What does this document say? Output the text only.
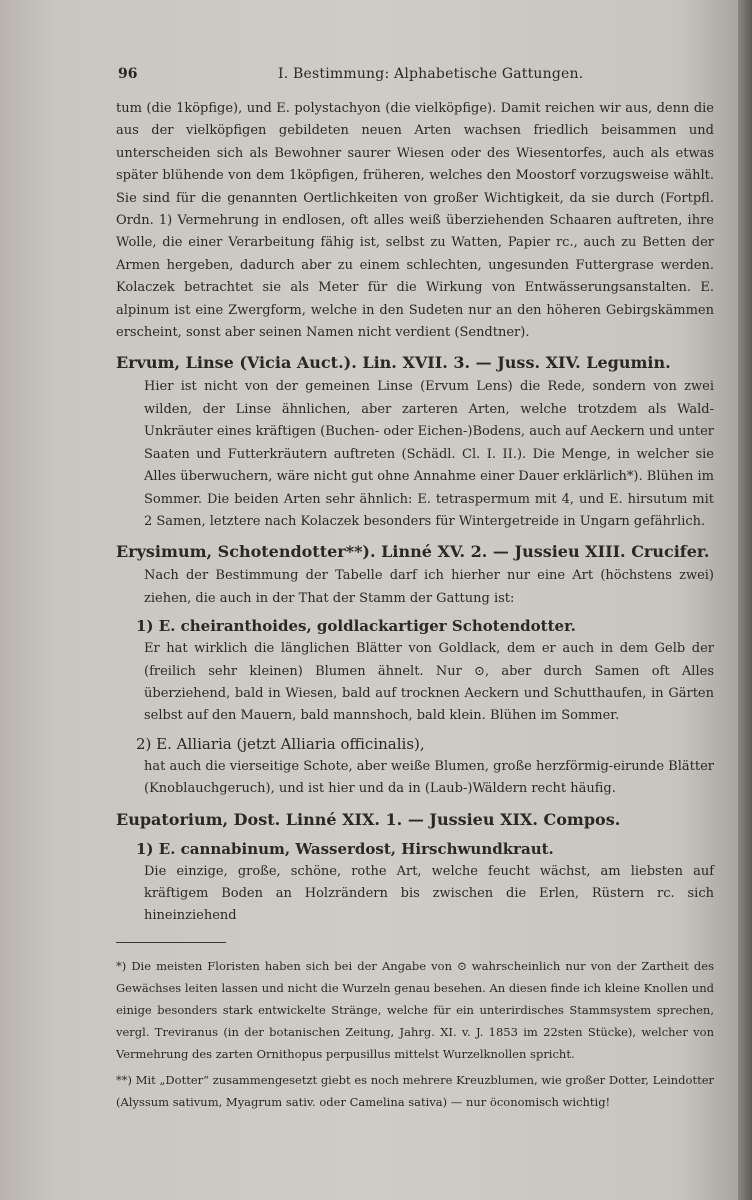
96	I. Bestimmung: Alphabetische Gattungen.

tum (die 1köpfige), und E. polystachyon (die vielköpfige). Damit reichen wir aus, denn die aus der vielköpfigen gebildeten neuen Arten wachsen friedlich beisammen und unterscheiden sich als Bewohner saurer Wiesen oder des Wiesentorfes, auch als etwas später blühende von dem 1köpfigen, früheren, welches den Moostorf vorzugsweise wählt. Sie sind für die genannten Oertlichkeiten von großer Wichtigkeit, da sie durch (Fortpfl. Ordn. 1) Vermehrung in endlosen, oft alles weiß überziehenden Schaaren auftreten, ihre Wolle, die einer Verarbeitung fähig ist, selbst zu Watten, Papier rc., auch zu Betten der Armen hergeben, dadurch aber zu einem schlechten, ungesunden Futtergrase werden. Kolaczek betrachtet sie als Meter für die Wirkung von Entwässerungsanstalten. E. alpinum ist eine Zwergform, welche in den Sudeten nur an den höheren Gebirgskämmen erscheint, sonst aber seinen Namen nicht verdient (Sendtner).

Ervum, Linse (Vicia Auct.). Lin. XVII. 3. — Juss. XIV. Legumin.

Hier ist nicht von der gemeinen Linse (Ervum Lens) die Rede, sondern von zwei wilden, der Linse ähnlichen, aber zarteren Arten, welche trotzdem als Wald-Unkräuter eines kräftigen (Buchen- oder Eichen-)Bodens, auch auf Aeckern und unter Saaten und Futterkräutern auftreten (Schädl. Cl. I. II.). Die Menge, in welcher sie Alles überwuchern, wäre nicht gut ohne Annahme einer Dauer erklärlich*). Blühen im Sommer. Die beiden Arten sehr ähnlich: E. tetraspermum mit 4, und E. hirsutum mit 2 Samen, letztere nach Kolaczek besonders für Wintergetreide in Ungarn gefährlich.

Erysimum, Schotendotter**). Linné XV. 2. — Jussieu XIII. Crucifer.

Nach der Bestimmung der Tabelle darf ich hierher nur eine Art (höchstens zwei) ziehen, die auch in der That der Stamm der Gattung ist:

1) E. cheiranthoides, goldlackartiger Schotendotter.

Er hat wirklich die länglichen Blätter von Goldlack, dem er auch in dem Gelb der (freilich sehr kleinen) Blumen ähnelt. Nur ⊙, aber durch Samen oft Alles überziehend, bald in Wiesen, bald auf trocknen Aeckern und Schutthaufen, in Gärten selbst auf den Mauern, bald mannshoch, bald klein. Blühen im Sommer.

2) E. Alliaria (jetzt Alliaria officinalis),

hat auch die vierseitige Schote, aber weiße Blumen, große herzförmig-eirunde Blätter (Knoblauchgeruch), und ist hier und da in (Laub-)Wäldern recht häufig.

Eupatorium, Dost. Linné XIX. 1. — Jussieu XIX. Compos.

1) E. cannabinum, Wasserdost, Hirschwundkraut.

Die einzige, große, schöne, rothe Art, welche feucht wächst, am liebsten auf kräftigem Boden an Holzrändern bis zwischen die Erlen, Rüstern rc. sich hineinziehend

*) Die meisten Floristen haben sich bei der Angabe von ⊙ wahrscheinlich nur von der Zartheit des Gewächses leiten lassen und nicht die Wurzeln genau besehen. An diesen finde ich kleine Knollen und einige besonders stark entwickelte Stränge, welche für ein unterirdisches Stammsystem sprechen, vergl. Treviranus (in der botanischen Zeitung, Jahrg. XI. v. J. 1853 im 22sten Stücke), welcher von Vermehrung des zarten Ornithopus perpusillus mittelst Wurzelknollen spricht.

**) Mit „Dotter“ zusammengesetzt giebt es noch mehrere Kreuzblumen, wie großer Dotter, Leindotter (Alyssum sativum, Myagrum sativ. oder Camelina sativa) — nur öconomisch wichtig!
